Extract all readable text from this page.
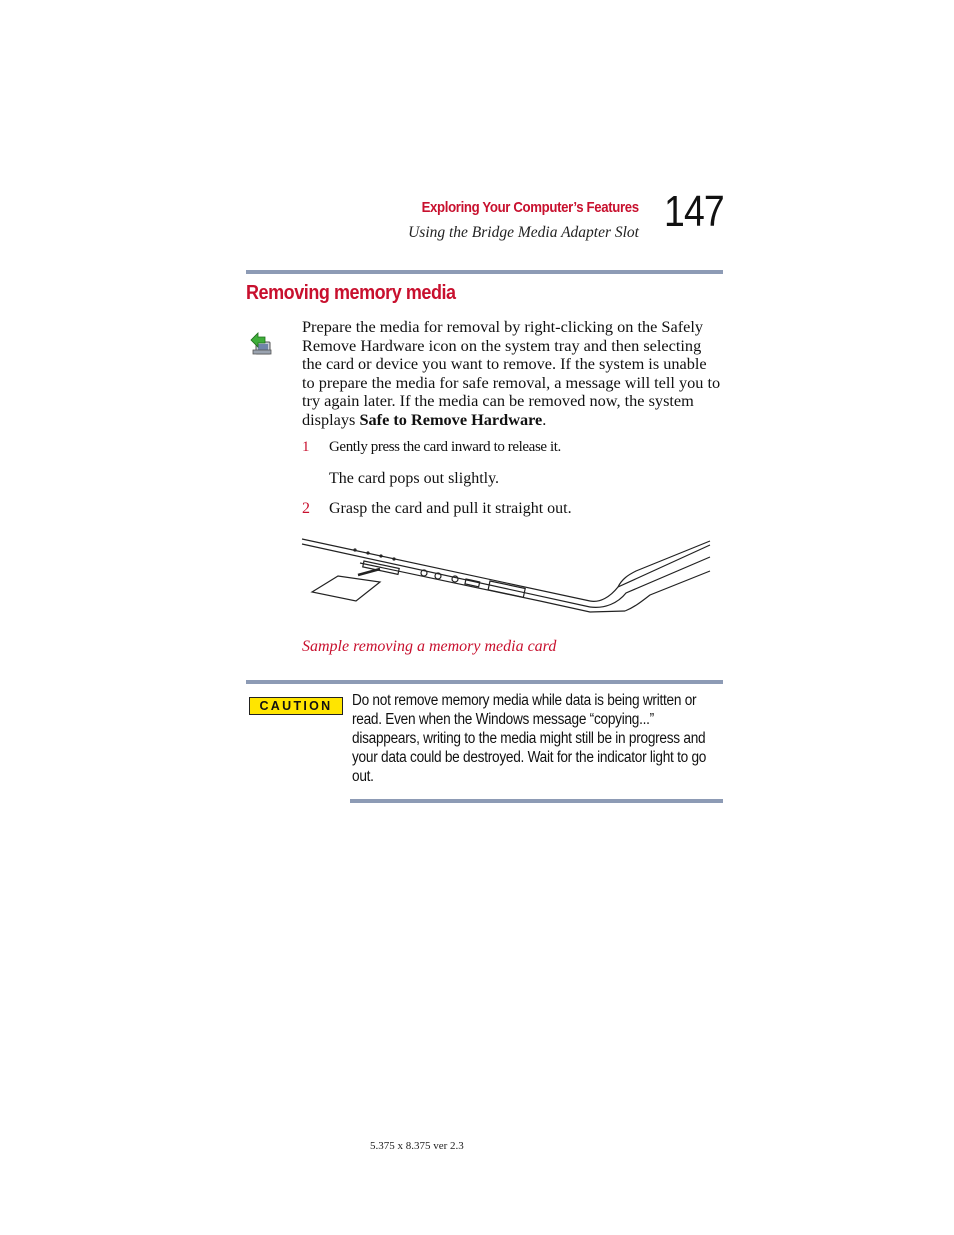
Exploring Your Computer’s Features
Using the Bridge Media Adapter Slot 147
Removing memory media
Prepare the media for removal by right-clicking on the Safely Remove Hardware icon on the system tray and then selecting the card or device you want to remove. If the system is unable to prepare the media for safe removal, a message will tell you to try again later. If the media can be removed now, the system displays Safe to Remove Hardware.
1 Gently press the card inward to release it.
The card pops out slightly.
2 Grasp the card and pull it straight out.
Sample removing a memory media card
CAUTION	Do not remove memory media while data is being written or read. Even when the Windows message “copying...” disappears, writing to the media might still be in progress and your data could be destroyed. Wait for the indicator light to go out.
5.375 x 8.375 ver 2.3
